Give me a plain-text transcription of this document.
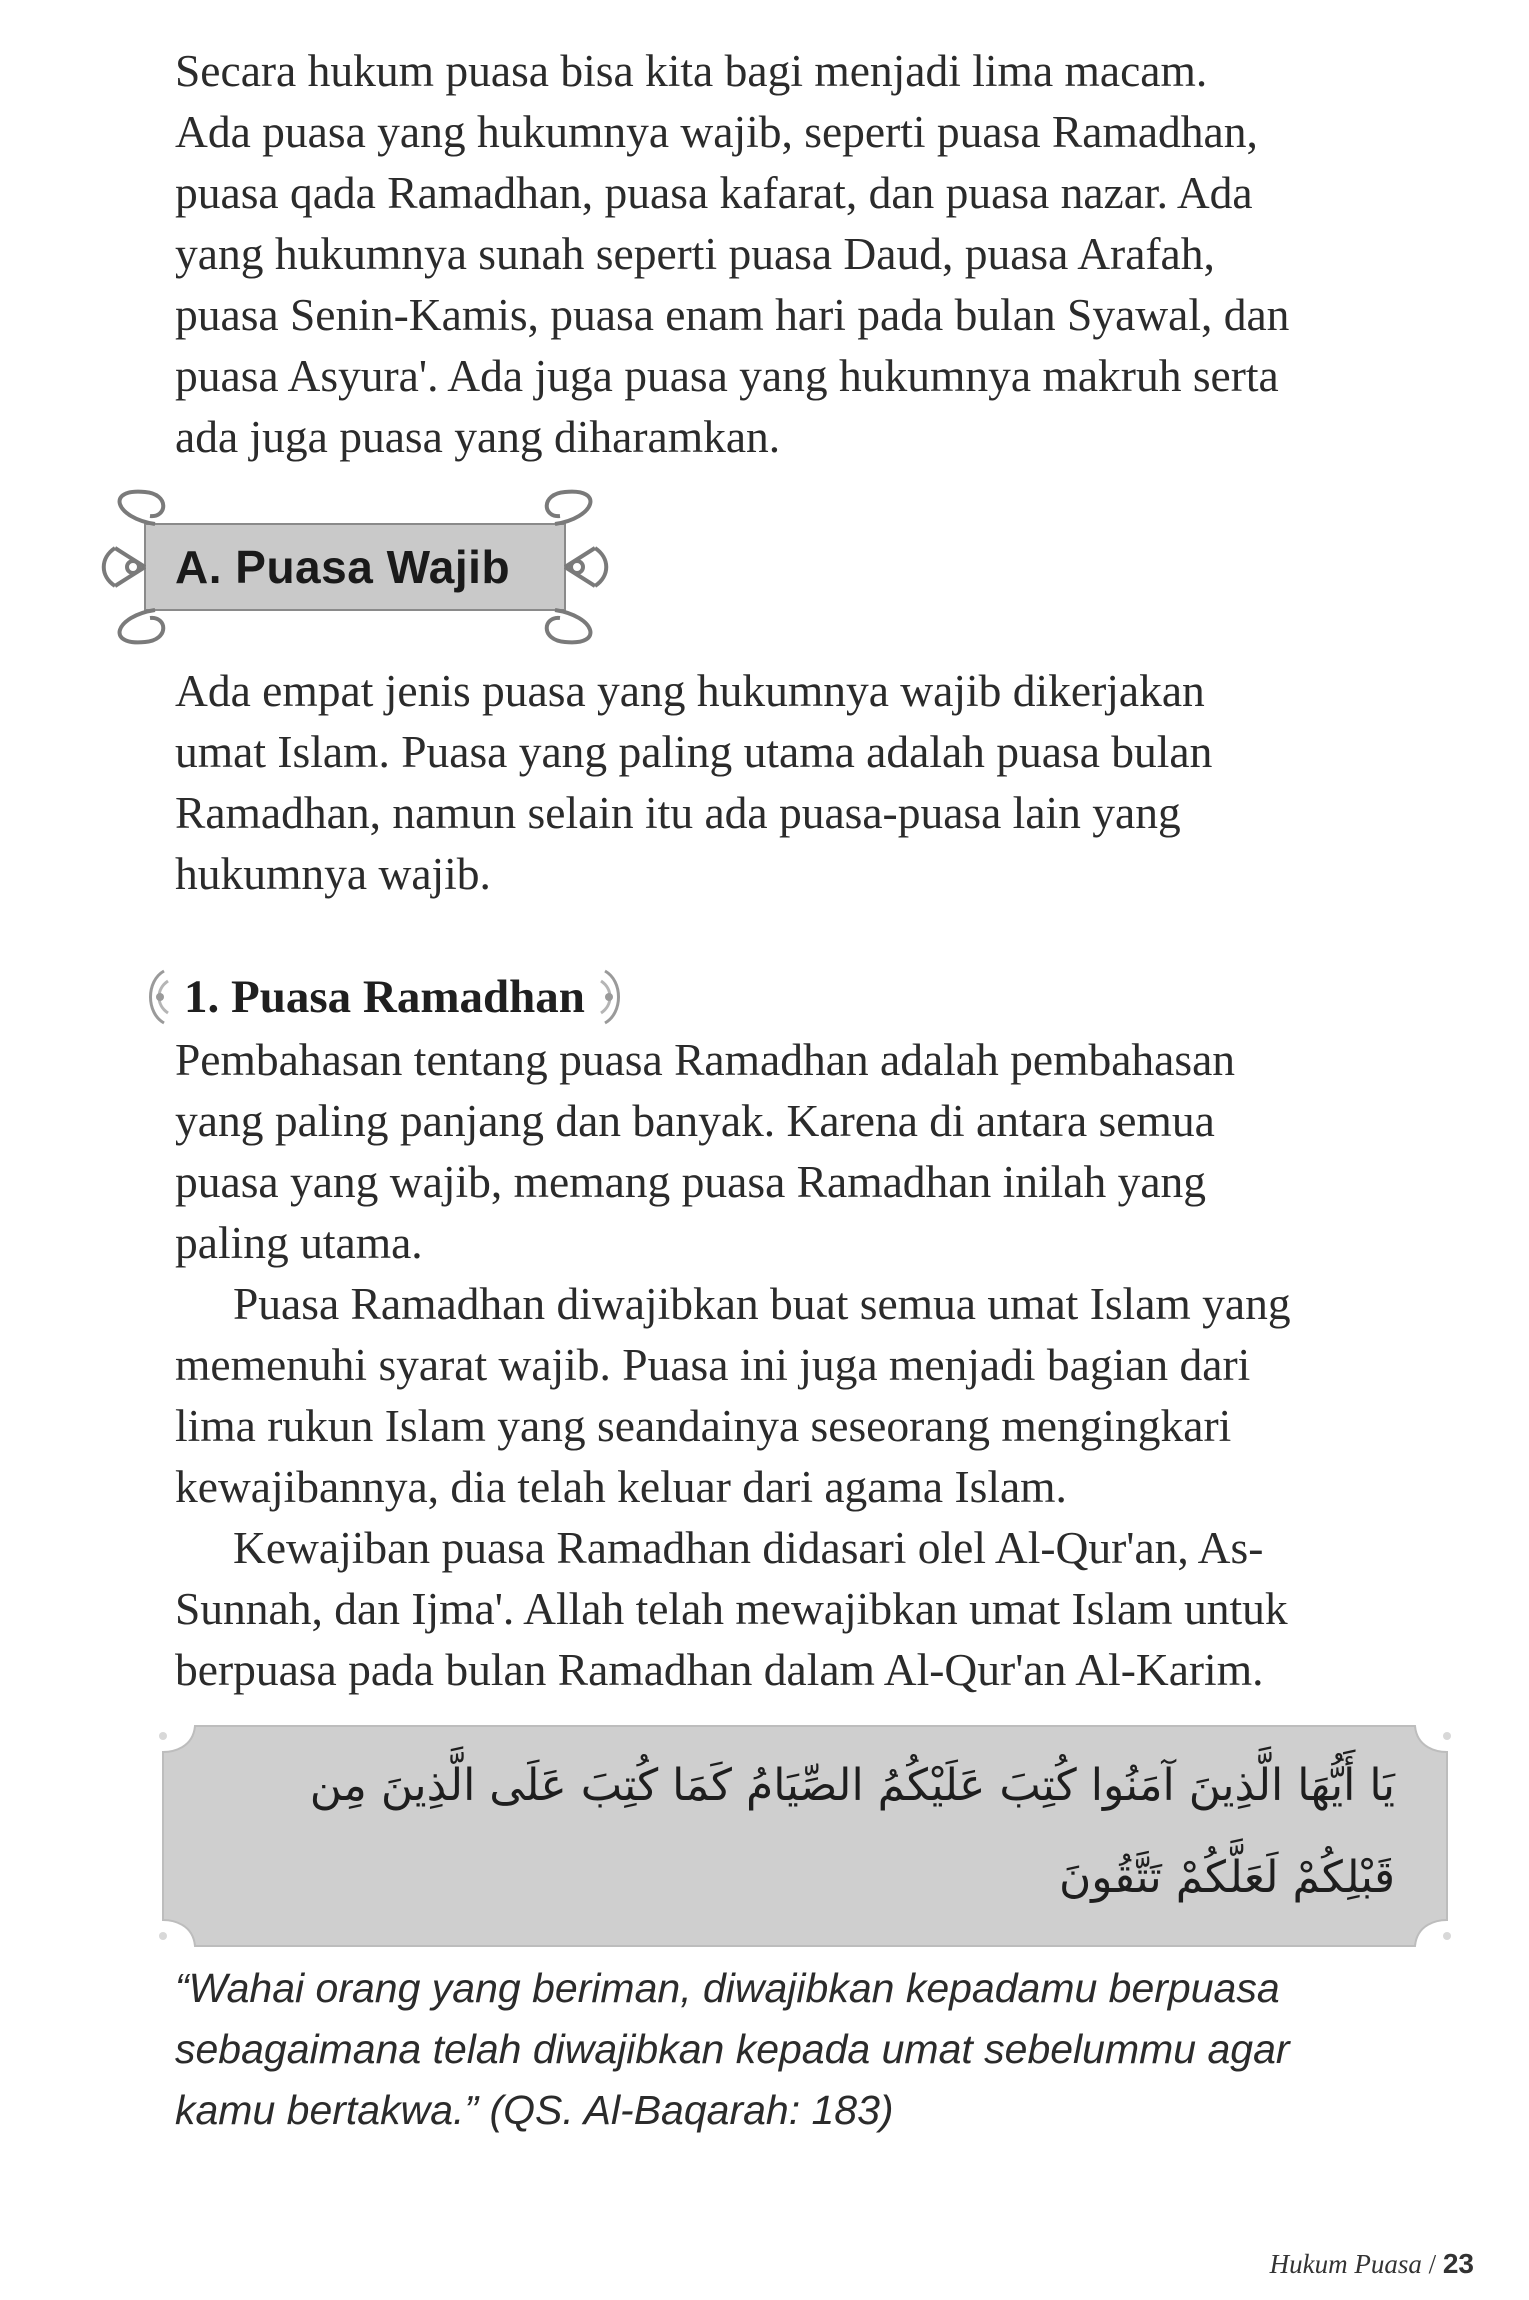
Secara hukum puasa bisa kita bagi menjadi lima macam.
Ada puasa yang hukumnya wajib, seperti puasa Ramadhan,
puasa qada Ramadhan, puasa kafarat, dan puasa nazar. Ada
yang hukumnya sunah seperti puasa Daud, puasa Arafah,
puasa Senin-Kamis, puasa enam hari pada bulan Syawal, dan
puasa Asyura'. Ada juga puasa yang hukumnya makruh serta
ada juga puasa yang diharamkan.
A. Puasa Wajib
Ada empat jenis puasa yang hukumnya wajib dikerjakan
umat Islam. Puasa yang paling utama adalah puasa bulan
Ramadhan, namun selain itu ada puasa-puasa lain yang
hukumnya wajib.
1. Puasa Ramadhan
Pembahasan tentang puasa Ramadhan adalah pembahasan
yang paling panjang dan banyak. Karena di antara semua
puasa yang wajib, memang puasa Ramadhan inilah yang
paling utama.
Puasa Ramadhan diwajibkan buat semua umat Islam yang
memenuhi syarat wajib. Puasa ini juga menjadi bagian dari
lima rukun Islam yang seandainya seseorang mengingkari
kewajibannya, dia telah keluar dari agama Islam.
Kewajiban puasa Ramadhan didasari olel Al-Qur'an, As-
Sunnah, dan Ijma'. Allah telah mewajibkan umat Islam untuk
berpuasa pada bulan Ramadhan dalam Al-Qur'an Al-Karim.
يَا أَيُّهَا الَّذِينَ آمَنُوا كُتِبَ عَلَيْكُمُ الصِّيَامُ كَمَا كُتِبَ عَلَى الَّذِينَ مِن
قَبْلِكُمْ لَعَلَّكُمْ تَتَّقُونَ
“Wahai orang yang beriman, diwajibkan kepadamu berpuasa
sebagaimana telah diwajibkan kepada umat sebelummu agar
kamu bertakwa.” (QS. Al-Baqarah: 183)
Hukum Puasa / 23
